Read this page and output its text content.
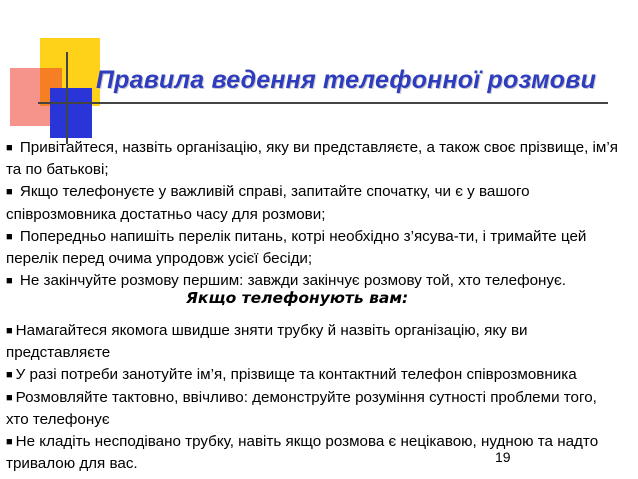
Правила ведення телефонної розмови
■ Привітайтеся, назвіть організацію, яку ви представляєте, а також своє прізвище, ім’я та по батькові;
■ Якщо телефонуєте у важливій справі, запитайте спочатку, чи є у вашого співрозмовника достатньо часу для розмови;
■ Попередньо напишіть перелік питань, котрі необхідно з’ясува-ти, і тримайте цей перелік перед очима упродовж усієї бесіди;
■ Не закінчуйте розмову першим: завжди закінчує розмову той, хто телефонує.
Якщо телефонують вам:
■ Намагайтеся якомога швидше зняти трубку й назвіть організацію, яку ви представляєте
■ У разі потреби занотуйте ім’я, прізвище та контактний телефон співрозмовника
■ Розмовляйте тактовно, ввічливо: демонструйте розуміння сутності проблеми того, хто телефонує
■ Не кладіть несподівано трубку, навіть якщо розмова є нецікавою, нудною та надто тривалою для вас.	19
